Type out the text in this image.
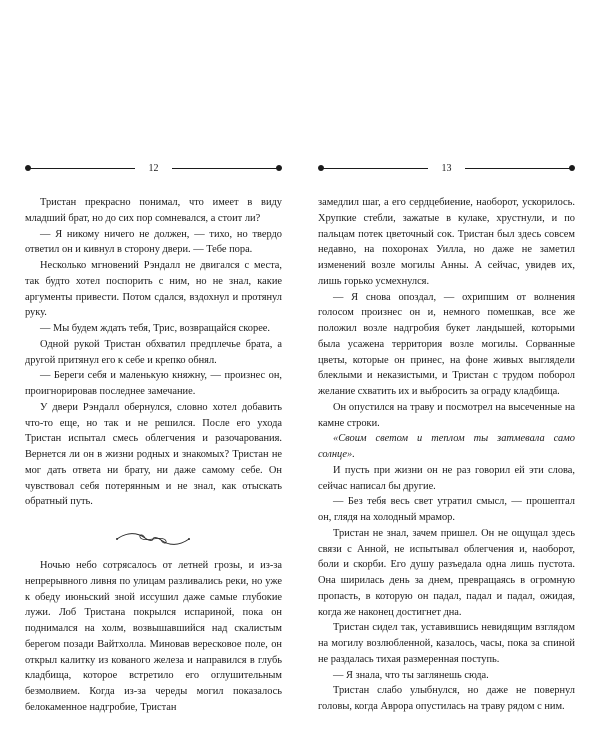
12

Тристан прекрасно понимал, что имеет в виду младший брат, но до сих пор сомневался, а стоит ли?

— Я никому ничего не должен, — тихо, но твердо ответил он и кивнул в сторону двери. — Тебе пора.

Несколько мгновений Рэндалл не двигался с места, так будто хотел поспорить с ним, но не знал, какие аргументы привести. Потом сдался, вздохнул и протянул руку.

— Мы будем ждать тебя, Трис, возвращайся скорее.

Одной рукой Тристан обхватил предплечье брата, а другой притянул его к себе и крепко обнял.

— Береги себя и маленькую княжну, — произнес он, проигнорировав последнее замечание.

У двери Рэндалл обернулся, словно хотел добавить что-то еще, но так и не решился. После его ухода Тристан испытал смесь облегчения и разочарования. Вернется ли он в жизни родных и знакомых? Тристан не мог дать ответа ни брату, ни даже самому себе. Он чувствовал себя потерянным и не знал, как отыскать обратный путь.

Ночью небо сотрясалось от летней грозы, и из-за непрерывного ливня по улицам разливались реки, но уже к обеду июньский зной иссушил даже самые глубокие лужи. Лоб Тристана покрылся испариной, пока он поднимался на холм, возвышавшийся над скалистым берегом позади Вайтхолла. Миновав вересковое поле, он открыл калитку из кованого железа и направился в глубь кладбища, которое встретило его оглушительным безмолвием. Когда из-за череды могил показалось белокаменное надгробие, Тристан

13

замедлил шаг, а его сердцебиение, наоборот, ускорилось. Хрупкие стебли, зажатые в кулаке, хрустнули, и по пальцам потек цветочный сок. Тристан был здесь совсем недавно, на похоронах Уилла, но даже не заметил изменений возле могилы Анны. А сейчас, увидев их, лишь горько усмехнулся.

— Я снова опоздал, — охрипшим от волнения голосом произнес он и, немного помешкав, все же положил возле надгробия букет ландышей, которыми была усажена территория возле могилы. Сорванные цветы, которые он принес, на фоне живых выглядели блеклыми и неказистыми, и Тристан с трудом поборол желание схватить их и выбросить за ограду кладбища.

Он опустился на траву и посмотрел на высеченные на камне строки.

«Своим светом и теплом ты затмевала само солнце».

И пусть при жизни он не раз говорил ей эти слова, сейчас написал бы другие.

— Без тебя весь свет утратил смысл, — прошептал он, глядя на холодный мрамор.

Тристан не знал, зачем пришел. Он не ощущал здесь связи с Анной, не испытывал облегчения и, наоборот, боли и скорби. Его душу разъедала одна лишь пустота. Она ширилась день за днем, превращаясь в огромную пропасть, в которую он падал, падал и падал, ожидая, когда же наконец достигнет дна.

Тристан сидел так, уставившись невидящим взглядом на могилу возлюбленной, казалось, часы, пока за спиной не раздалась тихая размеренная поступь.

— Я знала, что ты заглянешь сюда.

Тристан слабо улыбнулся, но даже не повернул головы, когда Аврора опустилась на траву рядом с ним.
